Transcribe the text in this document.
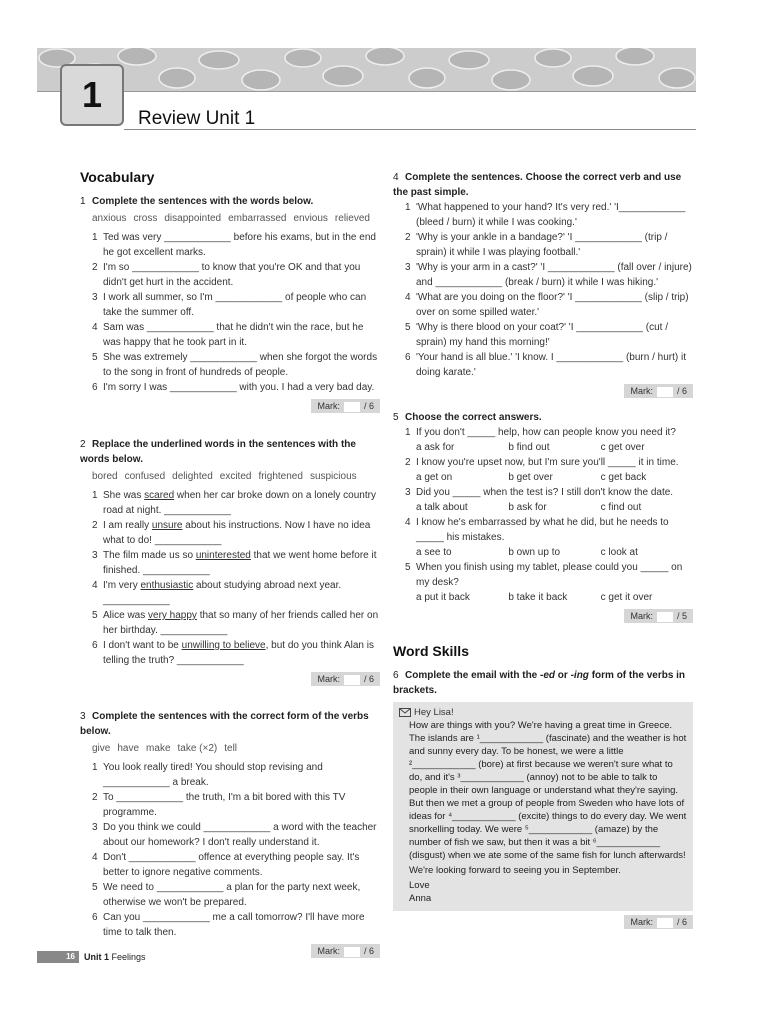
1
Review Unit 1
Vocabulary

1 Complete the sentences with the words below.

anxious cross disappointed embarrassed envious relieved
1 Ted was very ____________ before his exams, but in the end he got excellent marks.
2 I'm so ____________ to know that you're OK and that you didn't get hurt in the accident.
3 I work all summer, so I'm ____________ of people who can take the summer off.
4 Sam was ____________ that he didn't win the race, but he was happy that he took part in it.
5 She was extremely ____________ when she forgot the words to the song in front of hundreds of people.
6 I'm sorry I was ____________ with you. I had a very bad day.
Mark:	/ 6

2 Replace the underlined words in the sentences with the words below.

bored confused delighted excited frightened suspicious
1 She was scared when her car broke down on a lonely country road at night. ____________
2 I am really unsure about his instructions. Now I have no idea what to do! ____________
3 The film made us so uninterested that we went home before it finished. ____________
4 I'm very enthusiastic about studying abroad next year. ____________
5 Alice was very happy that so many of her friends called her on her birthday. ____________
6 I don't want to be unwilling to believe, but do you think Alan is telling the truth? ____________
Mark:	/ 6

3 Complete the sentences with the correct form of the verbs below.

give have make take (×2) tell
1 You look really tired! You should stop revising and ____________ a break.
2 To ____________ the truth, I'm a bit bored with this TV programme.
3 Do you think we could ____________ a word with the teacher about our homework? I don't really understand it.
4 Don't ____________ offence at everything people say. It's better to ignore negative comments.
5 We need to ____________ a plan for the party next week, otherwise we won't be prepared.
6 Can you ____________ me a call tomorrow? I'll have more time to talk then.
Mark:	/ 6

4 Complete the sentences. Choose the correct verb and use the past simple.

1 'What happened to your hand? It's very red.' 'I____________ (bleed / burn) it while I was cooking.'
2 'Why is your ankle in a bandage?' 'I ____________ (trip / sprain) it while I was playing football.'
3 'Why is your arm in a cast?' 'I ____________ (fall over / injure) and ____________ (break / burn) it while I was hiking.'
4 'What are you doing on the floor?' 'I ____________ (slip / trip) over on some spilled water.'
5 'Why is there blood on your coat?' 'I ____________ (cut / sprain) my hand this morning!'
6 'Your hand is all blue.' 'I know. I ____________ (burn / hurt) it doing karate.'
Mark:	/ 6

5 Choose the correct answers.

1 If you don't _____ help, how can people know you need it?
a ask for	b find out	c get over
2 I know you're upset now, but I'm sure you'll _____ it in time.
a get on	b get over	c get back
3 Did you _____ when the test is? I still don't know the date.
a talk about	b ask for	c find out
4 I know he's embarrassed by what he did, but he needs to _____ his mistakes.
a see to	b own up to	c look at
5 When you finish using my tablet, please could you _____ on my desk?
a put it back	b take it back	c get it over
Mark:	/ 5
Word Skills

6 Complete the email with the -ed or -ing form of the verbs in brackets.

Hey Lisa!
How are things with you? We're having a great time in Greece. The islands are ¹____________ (fascinate) and the weather is hot and sunny every day. To be honest, we were a little ²____________ (bore) at first because we weren't sure what to do, and it's ³____________ (annoy) not to be able to talk to people in their own language or understand what they're saying. But then we met a group of people from Sweden who have lots of ideas for ⁴____________ (excite) things to do every day. We went snorkelling today. We were ⁵____________ (amaze) by the number of fish we saw, but then it was a bit ⁶____________ (disgust) when we ate some of the same fish for lunch afterwards!
We're looking forward to seeing you in September.
Love
Anna
Mark:	/ 6
16	Unit 1 Feelings
